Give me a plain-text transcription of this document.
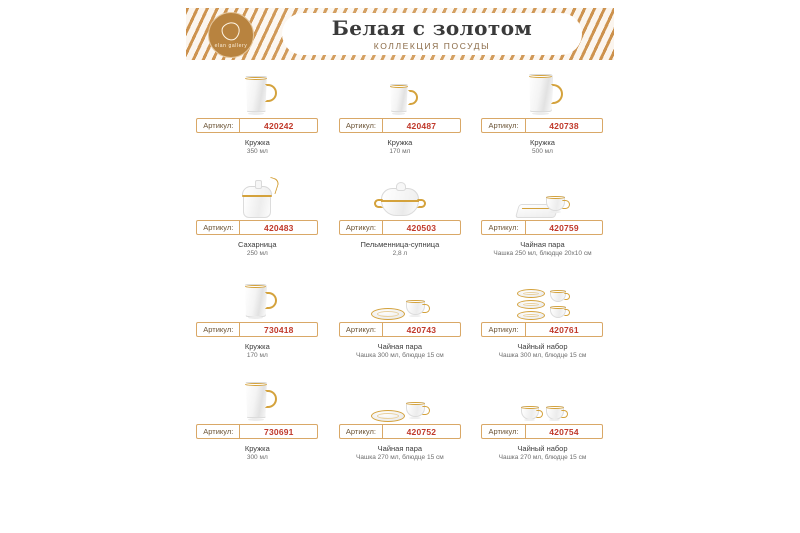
elan gallery
Белая с золотом
КОЛЛЕКЦИЯ ПОСУДЫ
Артикул:	420242
Кружка
350 мл
Артикул:	420487
Кружка
170 мл
Артикул:	420738
Кружка
500 мл
Артикул:	420483
Сахарница
250 мл
Артикул:	420503
Пельменница-супница
2,8 л
Артикул:	420759
Чайная пара
Чашка 250 мл, блюдце 20x10 см
Артикул:	730418
Кружка
170 мл
Артикул:	420743
Чайная пара
Чашка 300 мл, блюдце 15 см
Артикул:	420761
Чайный набор
Чашка 300 мл, блюдце 15 см
Артикул:	730691
Кружка
300 мл
Артикул:	420752
Чайная пара
Чашка 270 мл, блюдце 15 см
Артикул:	420754
Чайный набор
Чашка 270 мл, блюдце 15 см
